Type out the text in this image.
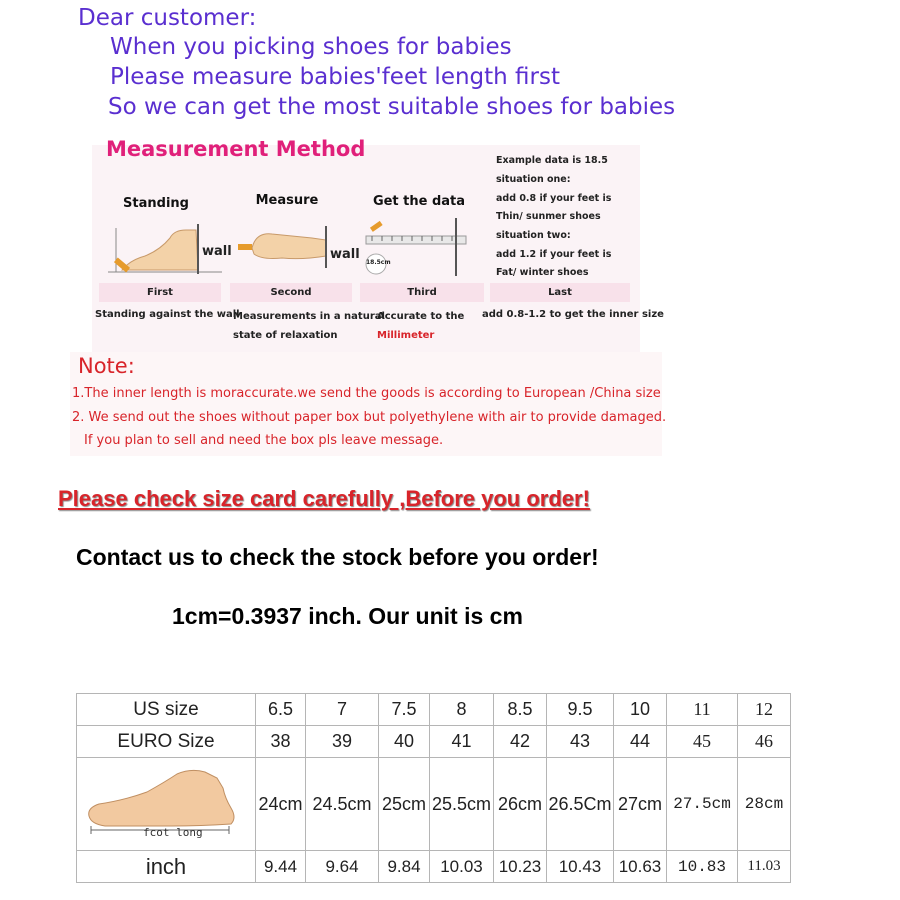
Dear customer:
When you picking shoes for babies
Please measure babies'feet length first
So we can get the most suitable shoes for babies
Measurement Method
Standing
wall
First
Standing against the wall
Measure
wall
Second
Measurements in a natural
state of relaxation
Get the data
18.5cm
Third
Accurate to the
Millimeter
Example data is 18.5
situation one:
add 0.8 if your feet is
Thin/ sunmer shoes
situation two:
add 1.2 if your feet is
Fat/ winter shoes
Last
add 0.8-1.2 to get the inner size
Note:
1.The inner length is moraccurate.we send the goods is according to European /China size
2. We send out the shoes without paper box but polyethylene with air to provide damaged.
If you plan to sell and need the box pls leave message.
Please check size card carefully ,Before you order!
Contact us to check the stock before you order!
1cm=0.3937 inch. Our unit is cm
US size	6.5	7	7.5	8	8.5	9.5	10	11	12
EURO Size	38	39	40	41	42	43	44	45	46

fcot long	24cm	24.5cm	25cm	25.5cm	26cm	26.5Cm	27cm	27.5cm	28cm
inch	9.44	9.64	9.84	10.03	10.23	10.43	10.63	10.83	11.03
